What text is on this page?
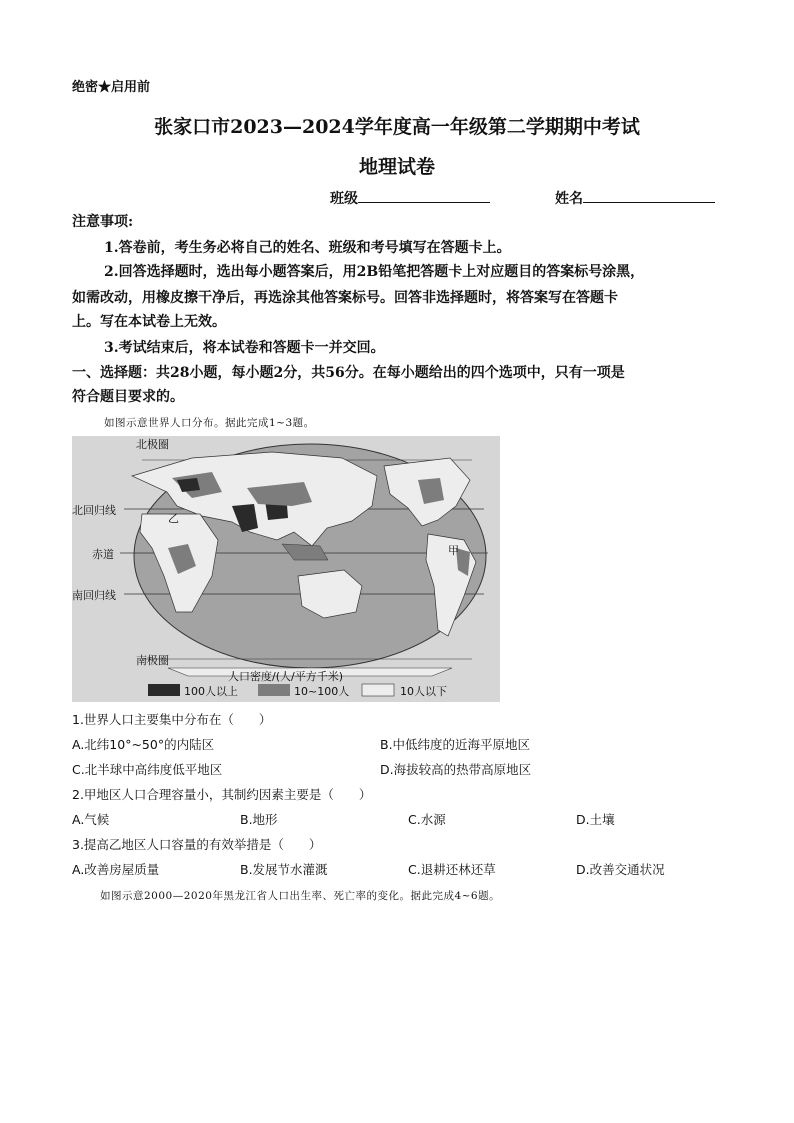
绝密★启用前
张家口市2023—2024学年度高一年级第二学期期中考试
地理试卷
班级	姓名
注意事项:
1.答卷前，考生务必将自己的姓名、班级和考号填写在答题卡上。
2.回答选择题时，选出每小题答案后，用2B铅笔把答题卡上对应题目的答案标号涂黑，
如需改动，用橡皮擦干净后，再选涂其他答案标号。回答非选择题时，将答案写在答题卡
上。写在本试卷上无效。
3.考试结束后，将本试卷和答题卡一并交回。
一、选择题：共28小题，每小题2分，共56分。在每小题给出的四个选项中，只有一项是
符合题目要求的。
如图示意世界人口分布。据此完成1~3题。
北极圈
北回归线
赤道
南回归线
南极圈
甲
乙
人口密度/(人/平方千米)
100人以上	10~100人	10人以下
1.世界人口主要集中分布在（　　）
A.北纬10°~50°的内陆区	B.中低纬度的近海平原地区
C.北半球中高纬度低平地区	D.海拔较高的热带高原地区
2.甲地区人口合理容量小，其制约因素主要是（　　）
A.气候	B.地形	C.水源	D.土壤
3.提高乙地区人口容量的有效举措是（　　）
A.改善房屋质量	B.发展节水灌溉	C.退耕还林还草	D.改善交通状况
如图示意2000—2020年黑龙江省人口出生率、死亡率的变化。据此完成4~6题。
